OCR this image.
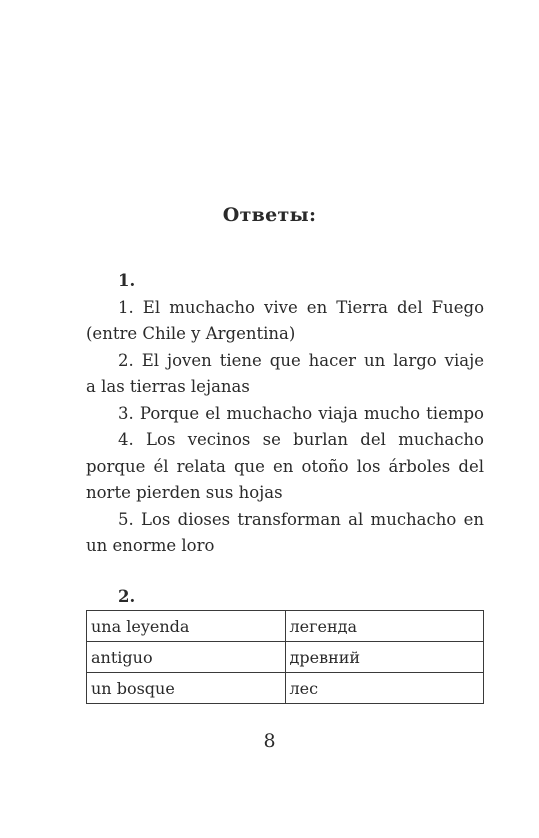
Ответы:
1.
1. El muchacho vive en Tierra del Fuego
(entre Chile y Argentina)
2. El joven tiene que hacer un largo viaje
a las tierras lejanas
3. Porque el muchacho viaja mucho tiempo
4. Los vecinos se burlan del muchacho
porque él relata que en otoño los árboles del
norte pierden sus hojas
5. Los dioses transforman al muchacho en
un enorme loro
2.
una leyenda	легенда
antiguo	древний
un bosque	лес
8
